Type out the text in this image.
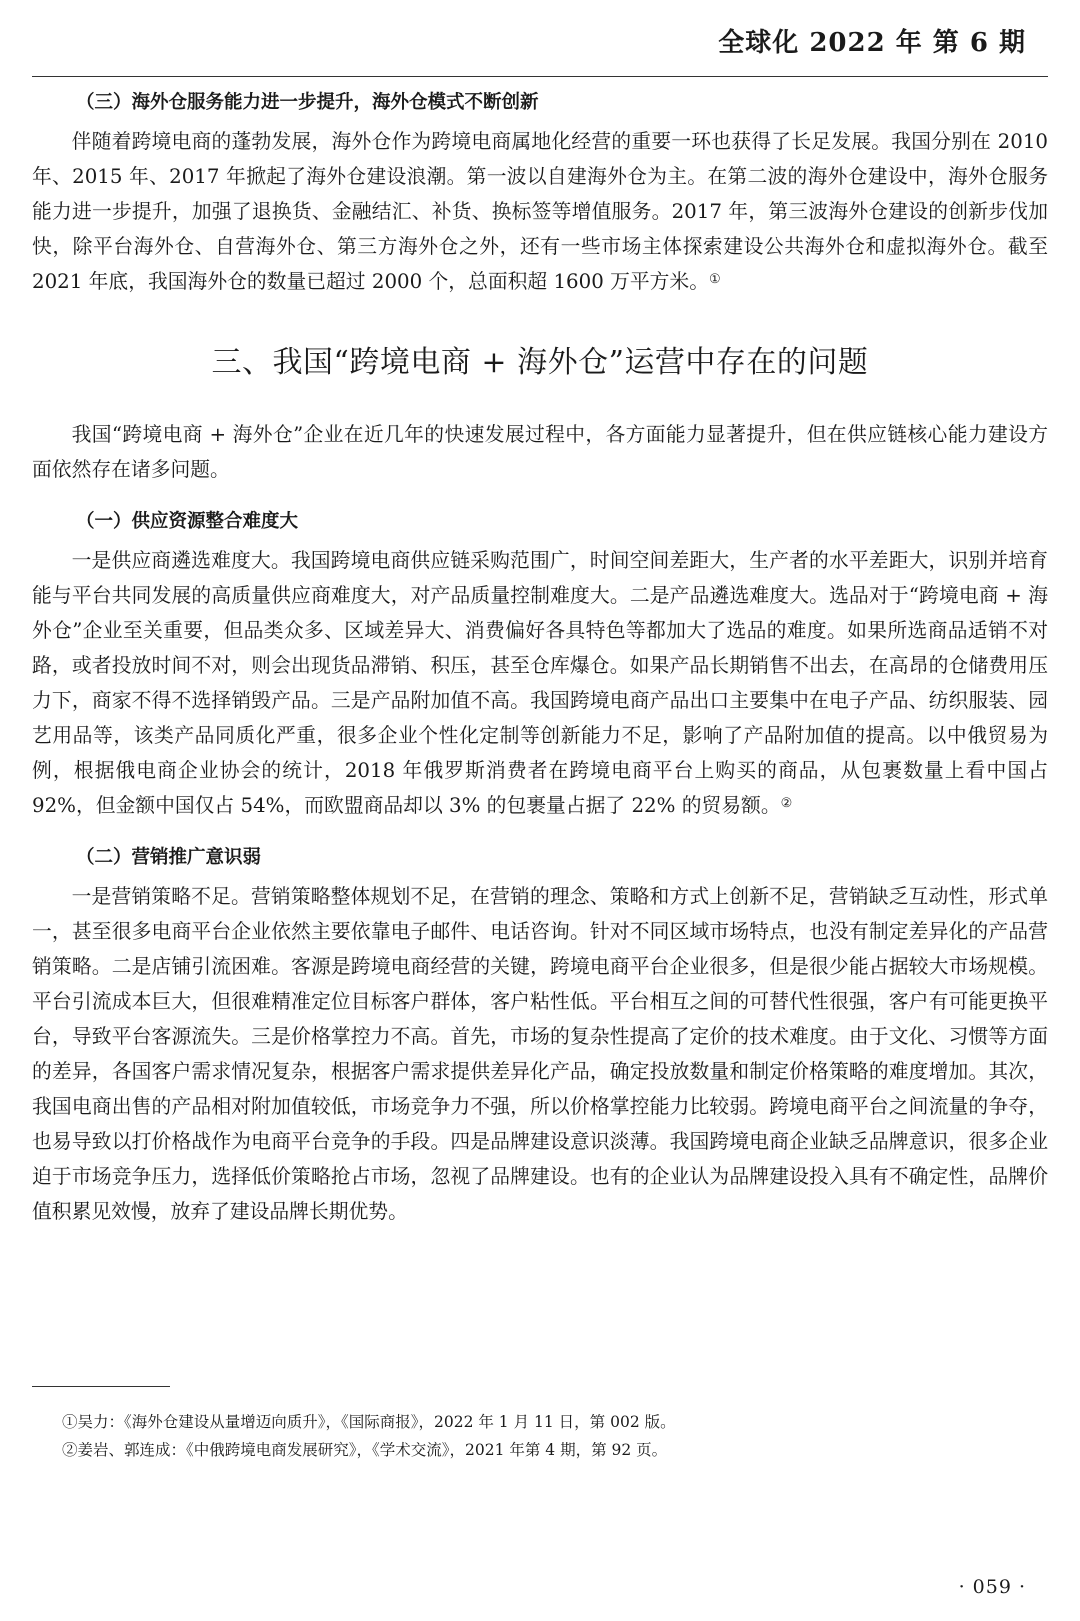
全球化 2022 年 第 6 期
（三）海外仓服务能力进一步提升，海外仓模式不断创新

伴随着跨境电商的蓬勃发展，海外仓作为跨境电商属地化经营的重要一环也获得了长足发展。我国分别在 2010 年、2015 年、2017 年掀起了海外仓建设浪潮。第一波以自建海外仓为主。在第二波的海外仓建设中，海外仓服务能力进一步提升，加强了退换货、金融结汇、补货、换标签等增值服务。2017 年，第三波海外仓建设的创新步伐加快，除平台海外仓、自营海外仓、第三方海外仓之外，还有一些市场主体探索建设公共海外仓和虚拟海外仓。截至 2021 年底，我国海外仓的数量已超过 2000 个，总面积超 1600 万平方米。①

三、我国“跨境电商 + 海外仓”运营中存在的问题

我国“跨境电商 + 海外仓”企业在近几年的快速发展过程中，各方面能力显著提升，但在供应链核心能力建设方面依然存在诸多问题。

（一）供应资源整合难度大

一是供应商遴选难度大。我国跨境电商供应链采购范围广，时间空间差距大，生产者的水平差距大，识别并培育能与平台共同发展的高质量供应商难度大，对产品质量控制难度大。二是产品遴选难度大。选品对于“跨境电商 + 海外仓”企业至关重要，但品类众多、区域差异大、消费偏好各具特色等都加大了选品的难度。如果所选商品适销不对路，或者投放时间不对，则会出现货品滞销、积压，甚至仓库爆仓。如果产品长期销售不出去，在高昂的仓储费用压力下，商家不得不选择销毁产品。三是产品附加值不高。我国跨境电商产品出口主要集中在电子产品、纺织服装、园艺用品等，该类产品同质化严重，很多企业个性化定制等创新能力不足，影响了产品附加值的提高。以中俄贸易为例，根据俄电商企业协会的统计，2018 年俄罗斯消费者在跨境电商平台上购买的商品，从包裹数量上看中国占 92%，但金额中国仅占 54%，而欧盟商品却以 3% 的包裹量占据了 22% 的贸易额。②

（二）营销推广意识弱

一是营销策略不足。营销策略整体规划不足，在营销的理念、策略和方式上创新不足，营销缺乏互动性，形式单一，甚至很多电商平台企业依然主要依靠电子邮件、电话咨询。针对不同区域市场特点，也没有制定差异化的产品营销策略。二是店铺引流困难。客源是跨境电商经营的关键，跨境电商平台企业很多，但是很少能占据较大市场规模。平台引流成本巨大，但很难精准定位目标客户群体，客户粘性低。平台相互之间的可替代性很强，客户有可能更换平台，导致平台客源流失。三是价格掌控力不高。首先，市场的复杂性提高了定价的技术难度。由于文化、习惯等方面的差异，各国客户需求情况复杂，根据客户需求提供差异化产品，确定投放数量和制定价格策略的难度增加。其次，我国电商出售的产品相对附加值较低，市场竞争力不强，所以价格掌控能力比较弱。跨境电商平台之间流量的争夺，也易导致以打价格战作为电商平台竞争的手段。四是品牌建设意识淡薄。我国跨境电商企业缺乏品牌意识，很多企业迫于市场竞争压力，选择低价策略抢占市场，忽视了品牌建设。也有的企业认为品牌建设投入具有不确定性，品牌价值积累见效慢，放弃了建设品牌长期优势。

①吴力：《海外仓建设从量增迈向质升》，《国际商报》，2022 年 1 月 11 日，第 002 版。

②姜岩、郭连成：《中俄跨境电商发展研究》，《学术交流》，2021 年第 4 期，第 92 页。

· 059 ·
